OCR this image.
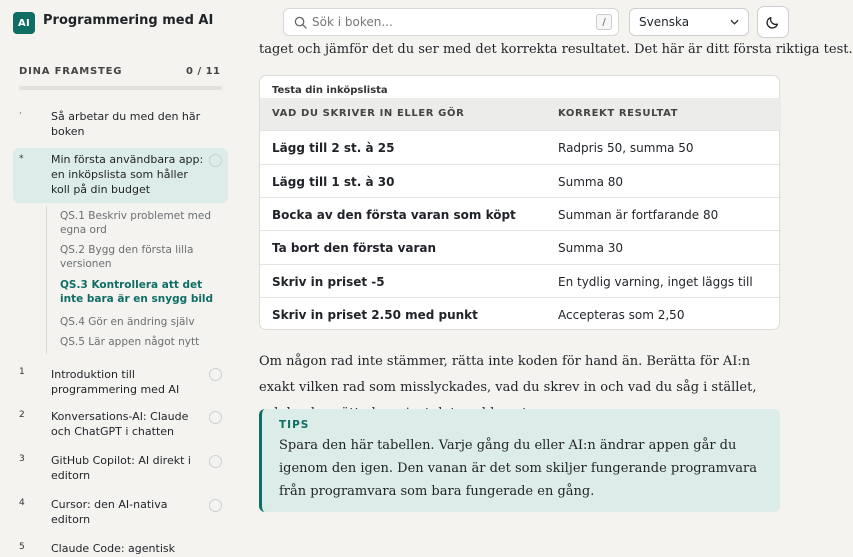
AI Programmering med AI
Sök i boken...	/	Svenska
DINA FRAMSTEG	0 / 11
·	Så arbetar du med den här boken
*	Min första användbara app: en inköpslista som håller koll på din budget
QS.1 Beskriv problemet med egna ord
QS.2 Bygg den första lilla versionen
QS.3 Kontrollera att det inte bara är en snygg bild
QS.4 Gör en ändring själv
QS.5 Lär appen något nytt
1 Introduktion till programmering med AI
2 Konversations-AI: Claude och ChatGPT i chatten
3 GitHub Copilot: AI direkt i editorn
4 Cursor: den AI-nativa editorn
5 Claude Code: agentisk
taget och jämför det du ser med det korrekta resultatet. Det här är ditt första riktiga test.
Testa din inköpslista
VAD DU SKRIVER IN ELLER GÖR	KORREKT RESULTAT
Lägg till 2 st. à 25	Radpris 50, summa 50
Lägg till 1 st. à 30	Summa 80
Bocka av den första varan som köpt	Summan är fortfarande 80
Ta bort den första varan	Summa 30
Skriv in priset -5	En tydlig varning, inget läggs till
Skriv in priset 2.50 med punkt	Accepteras som 2,50
Om någon rad inte stämmer, rätta inte koden för hand än. Berätta för AI:n exakt vilken rad som misslyckades, vad du skrev in och vad du såg i stället,
TIPS
Spara den här tabellen. Varje gång du eller AI:n ändrar appen går du igenom den igen. Den vanan är det som skiljer fungerande programvara från programvara som bara fungerade en gång.
